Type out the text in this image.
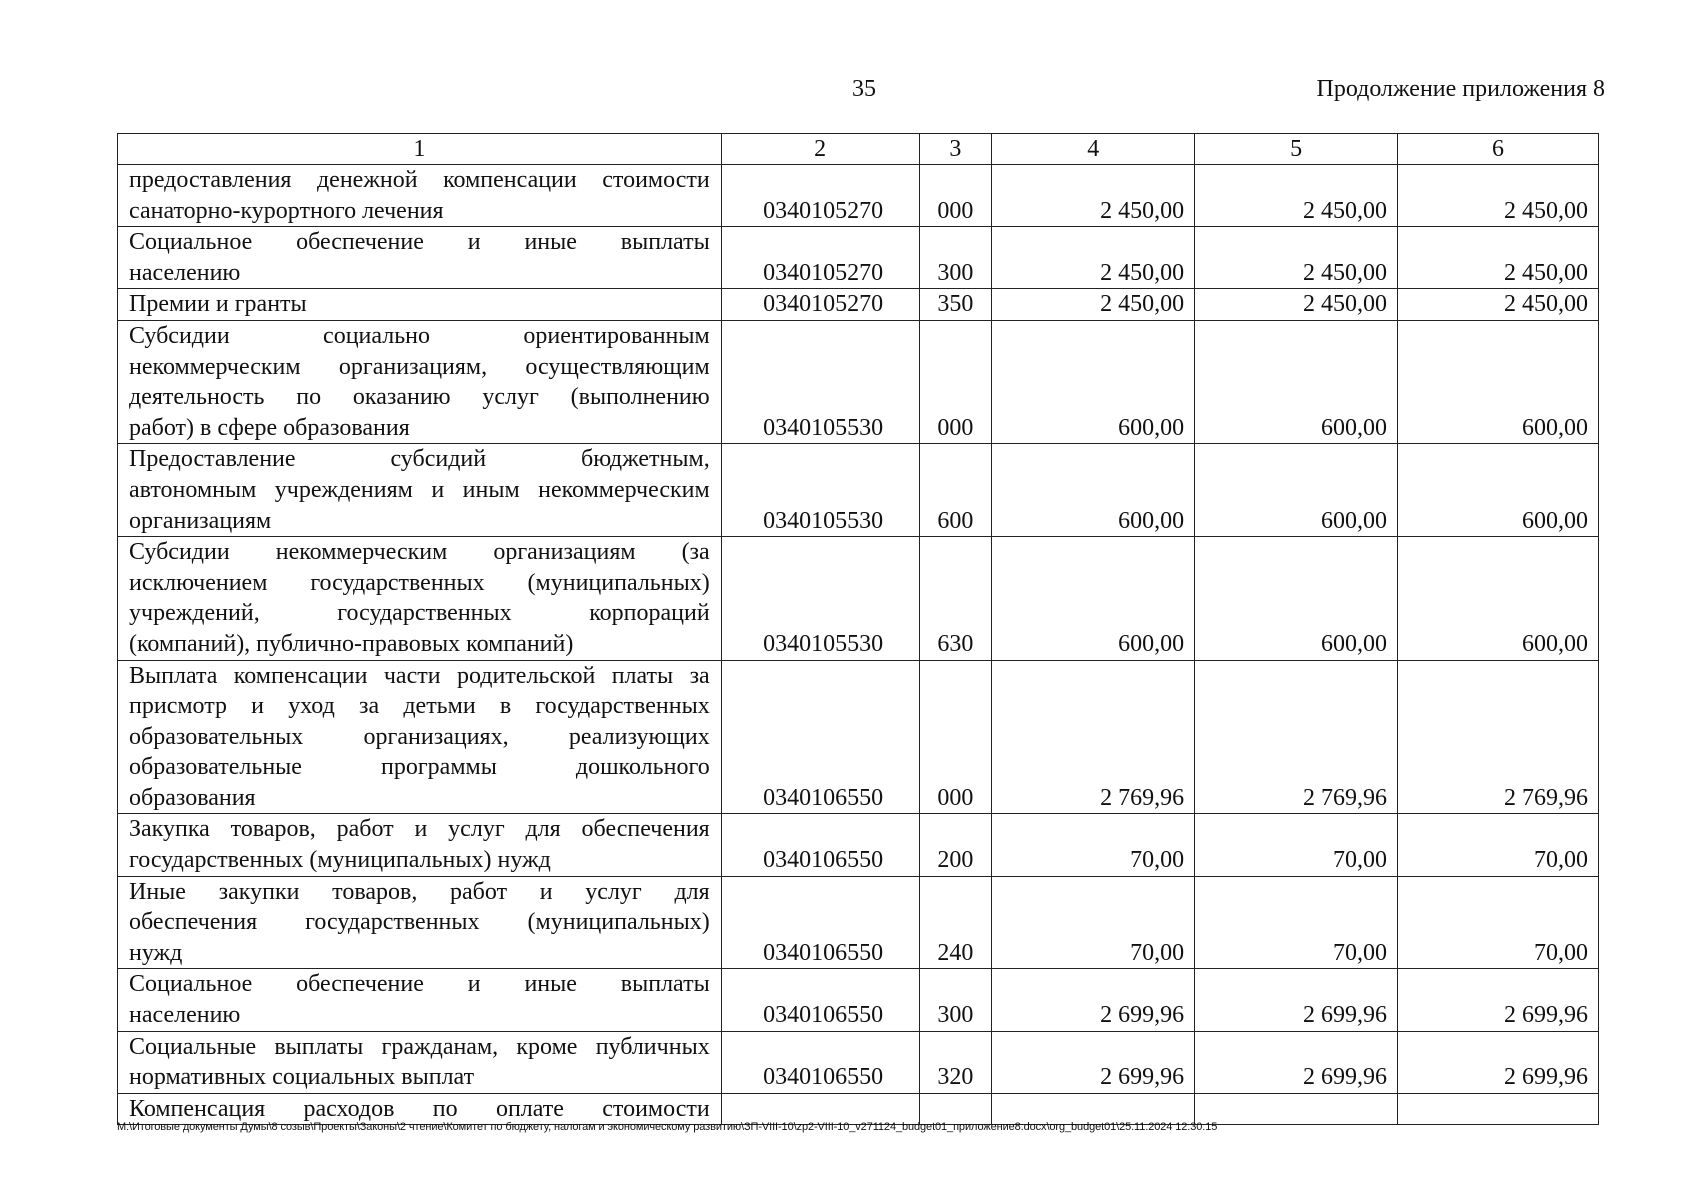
35	Продолжение приложения 8
1	2	3	4	5	6

предоставления денежной компенсации стоимости
санаторно-курортного лечения	0340105270	000	2 450,00	2 450,00	2 450,00

Социальное обеспечение и иные выплаты
населению	0340105270	300	2 450,00	2 450,00	2 450,00

Премии и гранты	0340105270	350	2 450,00	2 450,00	2 450,00

Субсидии социально ориентированным
некоммерческим организациям, осуществляющим
деятельность по оказанию услуг (выполнению
работ) в сфере образования	0340105530	000	600,00	600,00	600,00

Предоставление субсидий бюджетным,
автономным учреждениям и иным некоммерческим
организациям	0340105530	600	600,00	600,00	600,00

Субсидии некоммерческим организациям (за
исключением государственных (муниципальных)
учреждений, государственных корпораций
(компаний), публично-правовых компаний)	0340105530	630	600,00	600,00	600,00

Выплата компенсации части родительской платы за
присмотр и уход за детьми в государственных
образовательных организациях, реализующих
образовательные программы дошкольного
образования	0340106550	000	2 769,96	2 769,96	2 769,96

Закупка товаров, работ и услуг для обеспечения
государственных (муниципальных) нужд	0340106550	200	70,00	70,00	70,00

Иные закупки товаров, работ и услуг для
обеспечения государственных (муниципальных)
нужд	0340106550	240	70,00	70,00	70,00

Социальное обеспечение и иные выплаты
населению	0340106550	300	2 699,96	2 699,96	2 699,96

Социальные выплаты гражданам, кроме публичных
нормативных социальных выплат	0340106550	320	2 699,96	2 699,96	2 699,96

Компенсация расходов по оплате стоимости					

М:\Итоговые документы Думы\8 созыв\Проекты\Законы\2 чтение\Комитет по бюджету, налогам и экономическому развитию\ЗП-VIII-10\zp2-VIII-10_v271124_budget01_приложение8.docx\org_budget01\25.11.2024 12:30:15
